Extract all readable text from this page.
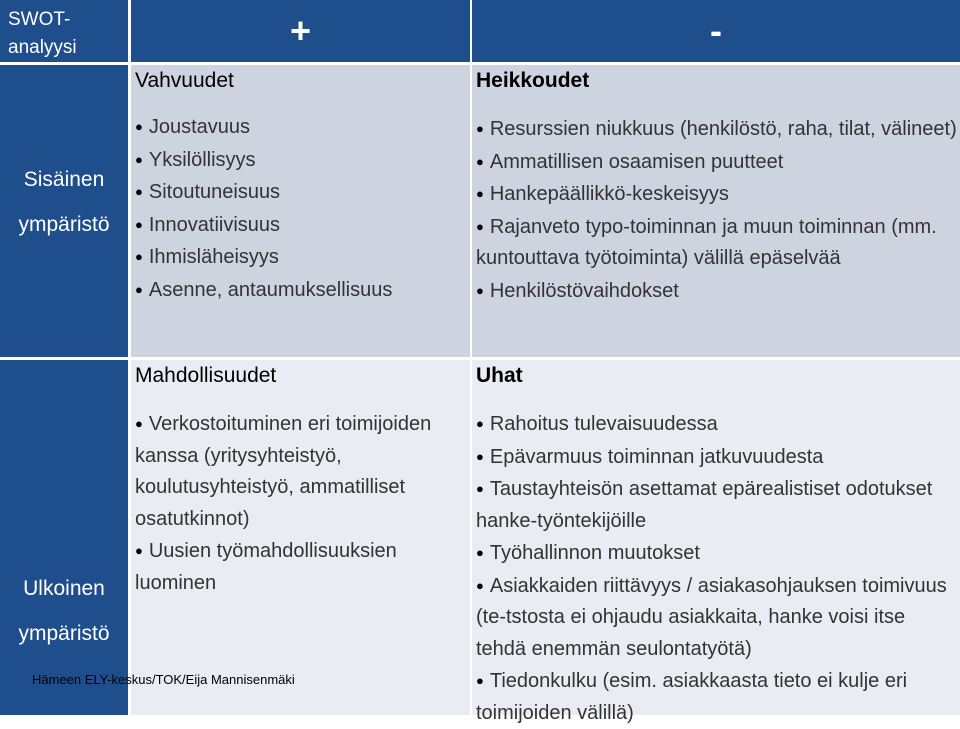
SWOT-analyysi	+	-
Sisäinen ympäristö
Ulkoinen ympäristö
Vahvuudet
● Joustavuus
● Yksilöllisyys
● Sitoutuneisuus
● Innovatiivisuus
● Ihmisläheisyys
● Asenne, antaumuksellisuus
Heikkoudet
● Resurssien niukkuus (henkilöstö, raha, tilat, välineet)
● Ammatillisen osaamisen puutteet
● Hankepäällikkö-keskeisyys
● Rajanveto typo-toiminnan ja muun toiminnan (mm. kuntouttava työtoiminta) välillä epäselvää
● Henkilöstövaihdokset
Mahdollisuudet
● Verkostoituminen eri toimijoiden kanssa (yritysyhteistyö, koulutusyhteistyö, ammatilliset osatutkinnot)
● Uusien työmahdollisuuksien luominen
Uhat
● Rahoitus tulevaisuudessa
● Epävarmuus toiminnan jatkuvuudesta
● Taustayhteisön asettamat epärealistiset odotukset hanke-työntekijöille
● Työhallinnon muutokset
● Asiakkaiden riittävyys / asiakasohjauksen toimivuus (te-tstosta ei ohjaudu asiakkaita, hanke voisi itse tehdä enemmän seulontatyötä)
● Tiedonkulku (esim. asiakkaasta tieto ei kulje eri toimijoiden välillä)
Hämeen ELY-keskus/TOK/Eija Mannisenmäki
